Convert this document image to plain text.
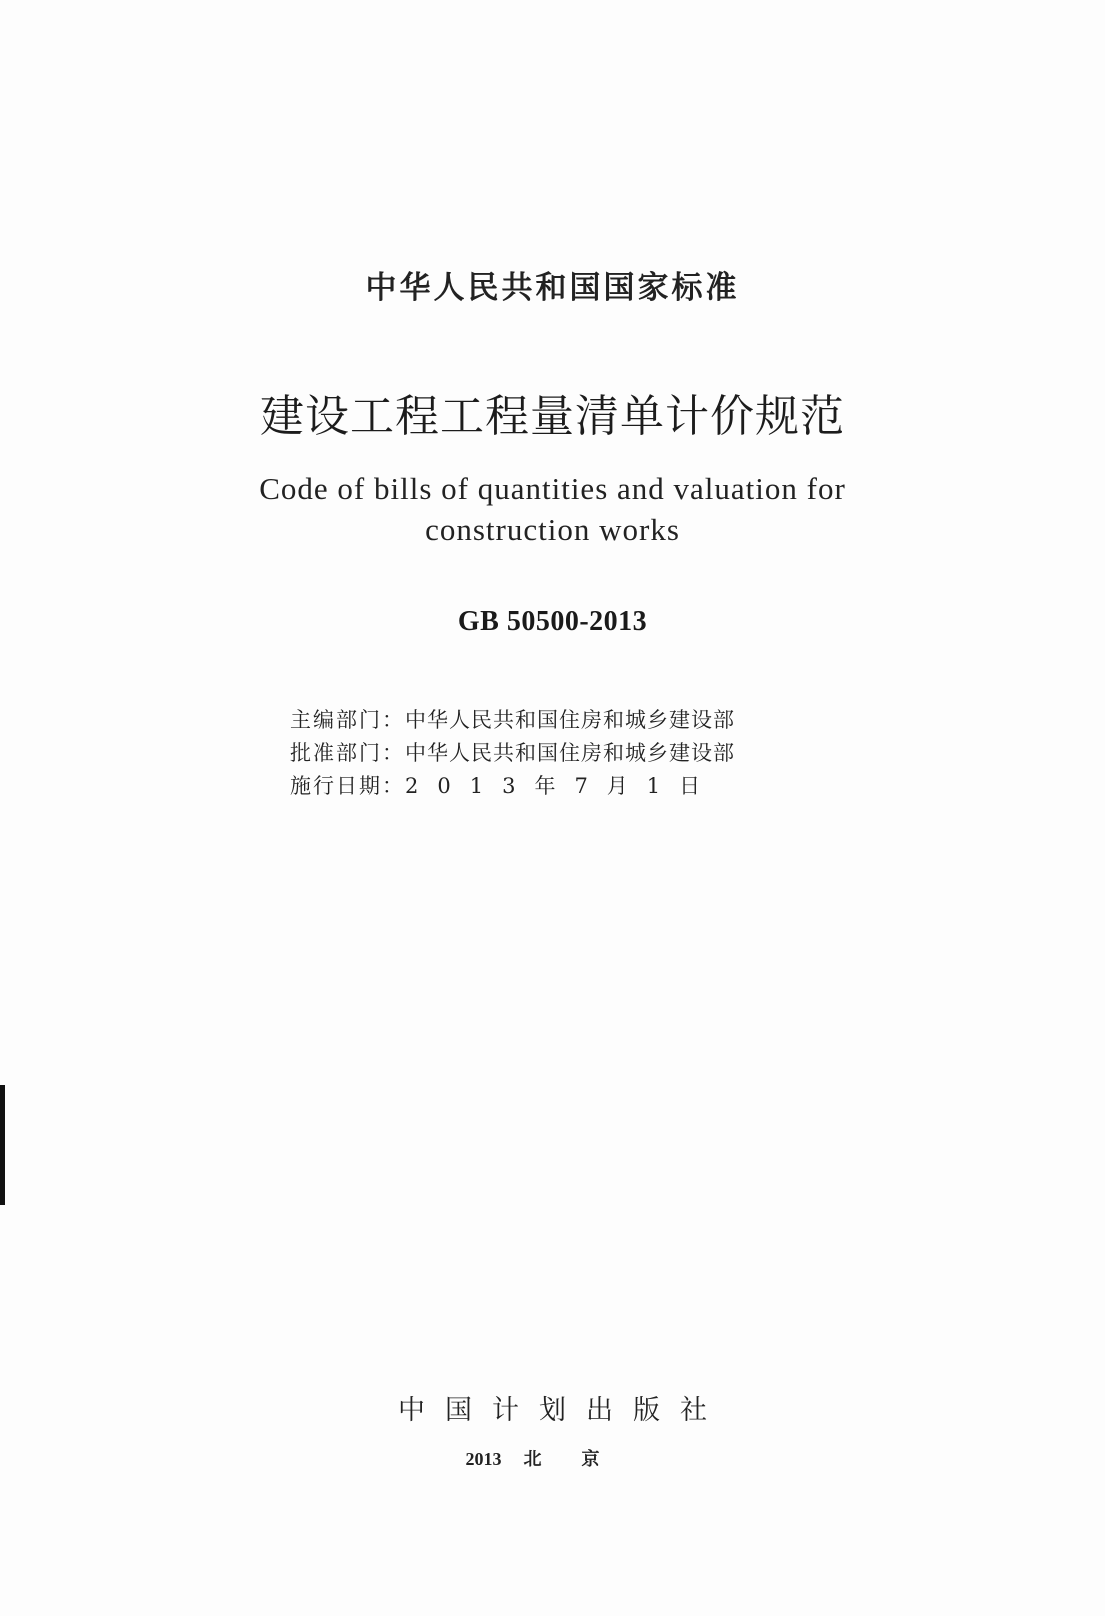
中华人民共和国国家标准
建设工程工程量清单计价规范
Code of bills of quantities and valuation for
construction works
GB 50500-2013
主编部门： 中华人民共和国住房和城乡建设部
批准部门： 中华人民共和国住房和城乡建设部
施行日期： 2013年7月1日
中国计划出版社
2013 北京
